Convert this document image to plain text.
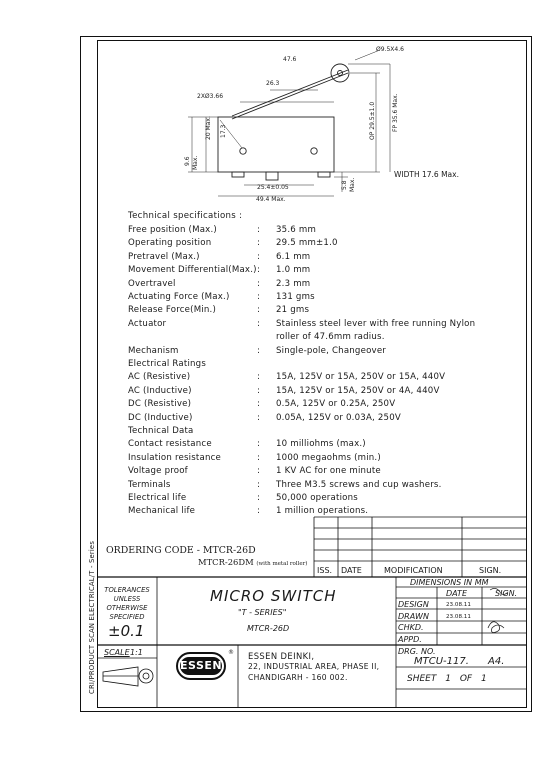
CRI/PRODUCT SCAN ELECTRICAL/T - Series
Ø9.5X4.6
47.6
26.3
2XØ3.66
20 Max. 17.3
9.6 Max.
OP 29.5±1.0	FP 35.6 Max.
25.4±0.05
49.4 Max.
5.8 Max.
WIDTH 17.6 Max.
Technical specifications :
Free position (Max.)	: 35.6 mm
Operating position	: 29.5 mm±1.0
Pretravel (Max.)	: 6.1 mm
Movement Differential(Max.) : 1.0 mm
Overtravel	: 2.3 mm
Actuating Force (Max.)	: 131 gms
Release Force(Min.)	: 21 gms
Actuator	: Stainless steel lever with free running Nylon
roller of 47.6mm radius.
Mechanism	: Single-pole, Changeover
Electrical Ratings
AC (Resistive)	: 15A, 125V or 15A, 250V or 15A, 440V
AC (Inductive)	: 15A, 125V or 15A, 250V or 4A, 440V
DC (Resistive)	: 0.5A, 125V or 0.25A, 250V
DC (Inductive)	: 0.05A, 125V or 0.03A, 250V
Technical Data
Contact resistance	: 10 milliohms (max.)
Insulation resistance	: 1000 megaohms (min.)
Voltage proof	: 1 KV AC for one minute
Terminals	: Three M3.5 screws and cup washers.
Electrical life	: 50,000 operations
Mechanical life	: 1 million operations.
ORDERING CODE - MTCR-26D
MTCR-26DM (with metal roller)
ISS. DATE	MODIFICATION	SIGN.
TOLERANCES
UNLESS
OTHERWISE
SPECIFIED
±0.1
MICRO SWITCH
"T - SERIES"
MTCR-26D
DIMENSIONS IN MM
DATE	SIGN.
DESIGN	23.08.11
DRAWN	23.08.11
CHKD.
APPD.
SCALE 1:1
ESSEN
® ESSEN DEINKI,
22, INDUSTRIAL AREA, PHASE II,
CHANDIGARH - 160 002.
DRG. NO.
MTCU-117. A4.
SHEET 1 OF 1
